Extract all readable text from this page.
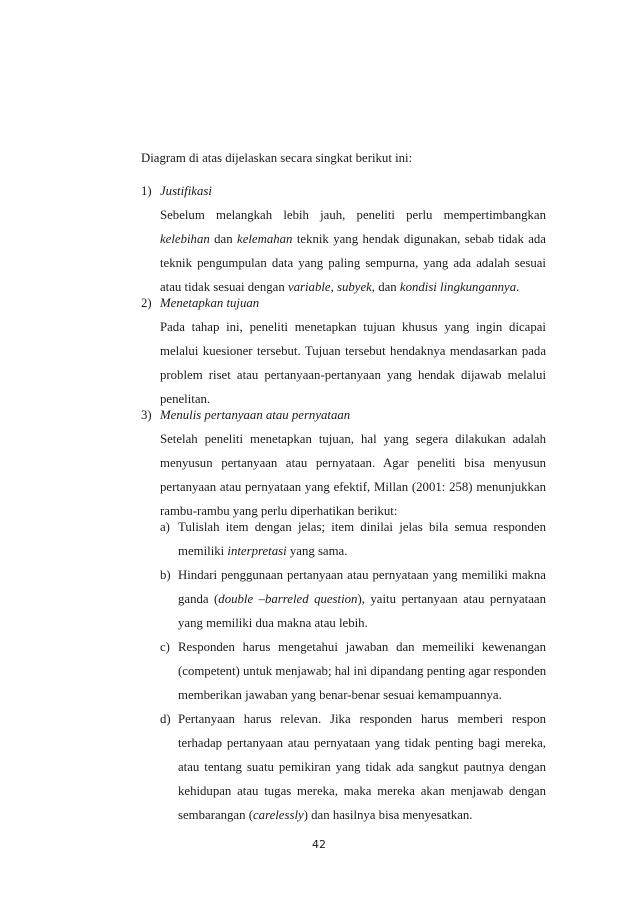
Diagram di atas dijelaskan secara singkat berikut ini:
1) Justifikasi
Sebelum melangkah lebih jauh, peneliti perlu mempertimbangkan
kelebihan dan kelemahan teknik yang hendak digunakan, sebab tidak ada
teknik pengumpulan data yang paling sempurna, yang ada adalah sesuai
atau tidak sesuai dengan variable, subyek, dan kondisi lingkungannya.
2) Menetapkan tujuan
Pada tahap ini, peneliti menetapkan tujuan khusus yang ingin dicapai
melalui kuesioner tersebut. Tujuan tersebut hendaknya mendasarkan pada
problem riset atau pertanyaan-pertanyaan yang hendak dijawab melalui
penelitan.
3) Menulis pertanyaan atau pernyataan
Setelah peneliti menetapkan tujuan, hal yang segera dilakukan adalah
menyusun pertanyaan atau pernyataan. Agar peneliti bisa menyusun
pertanyaan atau pernyataan yang efektif, Millan (2001: 258) menunjukkan
rambu-rambu yang perlu diperhatikan berikut:
a) Tulislah item dengan jelas; item dinilai jelas bila semua responden
memiliki interpretasi yang sama.
b) Hindari penggunaan pertanyaan atau pernyataan yang memiliki makna
ganda (double –barreled question), yaitu pertanyaan atau pernyataan
yang memiliki dua makna atau lebih.
c) Responden harus mengetahui jawaban dan memeiliki kewenangan
(competent) untuk menjawab; hal ini dipandang penting agar responden
memberikan jawaban yang benar-benar sesuai kemampuannya.
d) Pertanyaan harus relevan. Jika responden harus memberi respon
terhadap pertanyaan atau pernyataan yang tidak penting bagi mereka,
atau tentang suatu pemikiran yang tidak ada sangkut pautnya dengan
kehidupan atau tugas mereka, maka mereka akan menjawab dengan
sembarangan (carelessly) dan hasilnya bisa menyesatkan.
42
